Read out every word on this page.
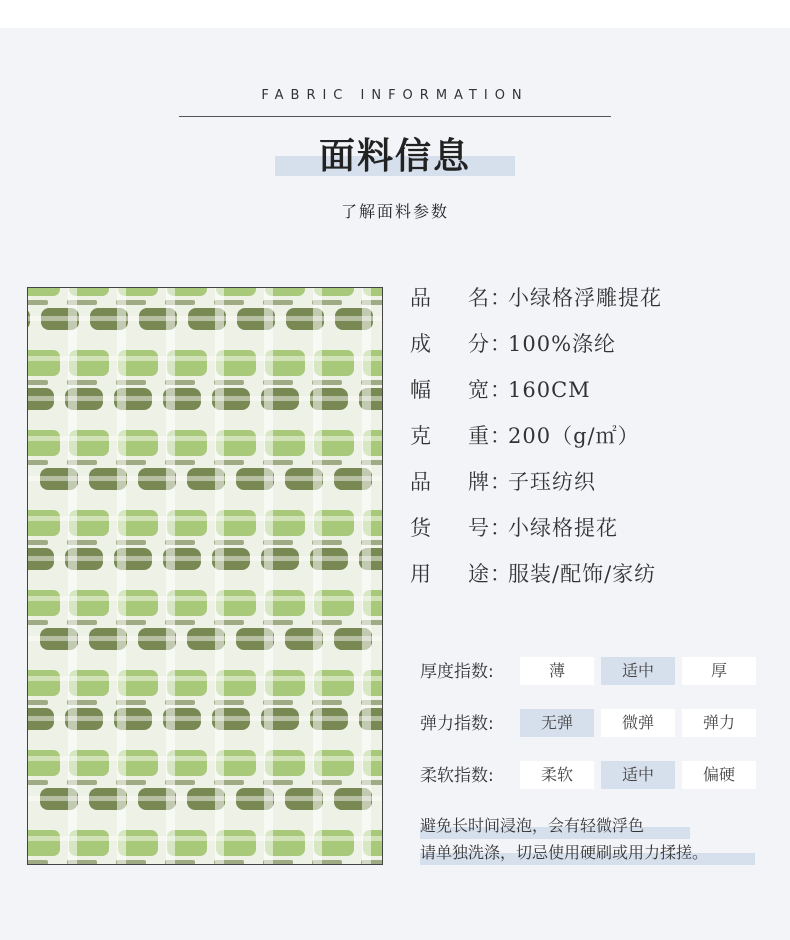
FABRIC INFORMATION
面料信息
了解面料参数
品 名：小绿格浮雕提花
成 分：100%涤纶
幅 宽：160CM
克 重：200（g/㎡）
品 牌：子珏纺织
货 号：小绿格提花
用 途：服装/配饰/家纺
厚度指数:	薄	适中	厚
弹力指数:	无弹	微弹	弹力
柔软指数:	柔软	适中	偏硬
避免长时间浸泡，会有轻微浮色
请单独洗涤，切忌使用硬刷或用力揉搓。
